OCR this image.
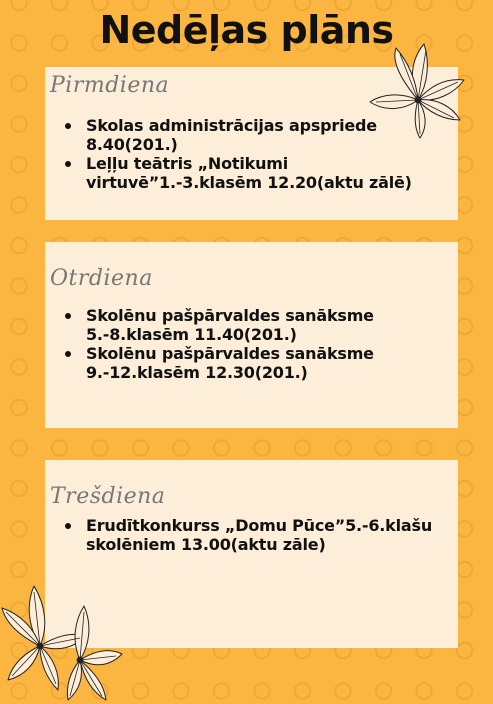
Nedēļas plāns
Pirmdiena
Skolas administrācijas apspriede 8.40(201.)
Leļļu teātris „Notikumi virtuvē”1.-3.klasēm 12.20(aktu zālē)
Otrdiena
Skolēnu pašpārvaldes sanāksme 5.-8.klasēm 11.40(201.)
Skolēnu pašpārvaldes sanāksme 9.-12.klasēm 12.30(201.)
Trešdiena
Erudītkonkurss „Domu Pūce”5.-6.klašu skolēniem 13.00(aktu zāle)
